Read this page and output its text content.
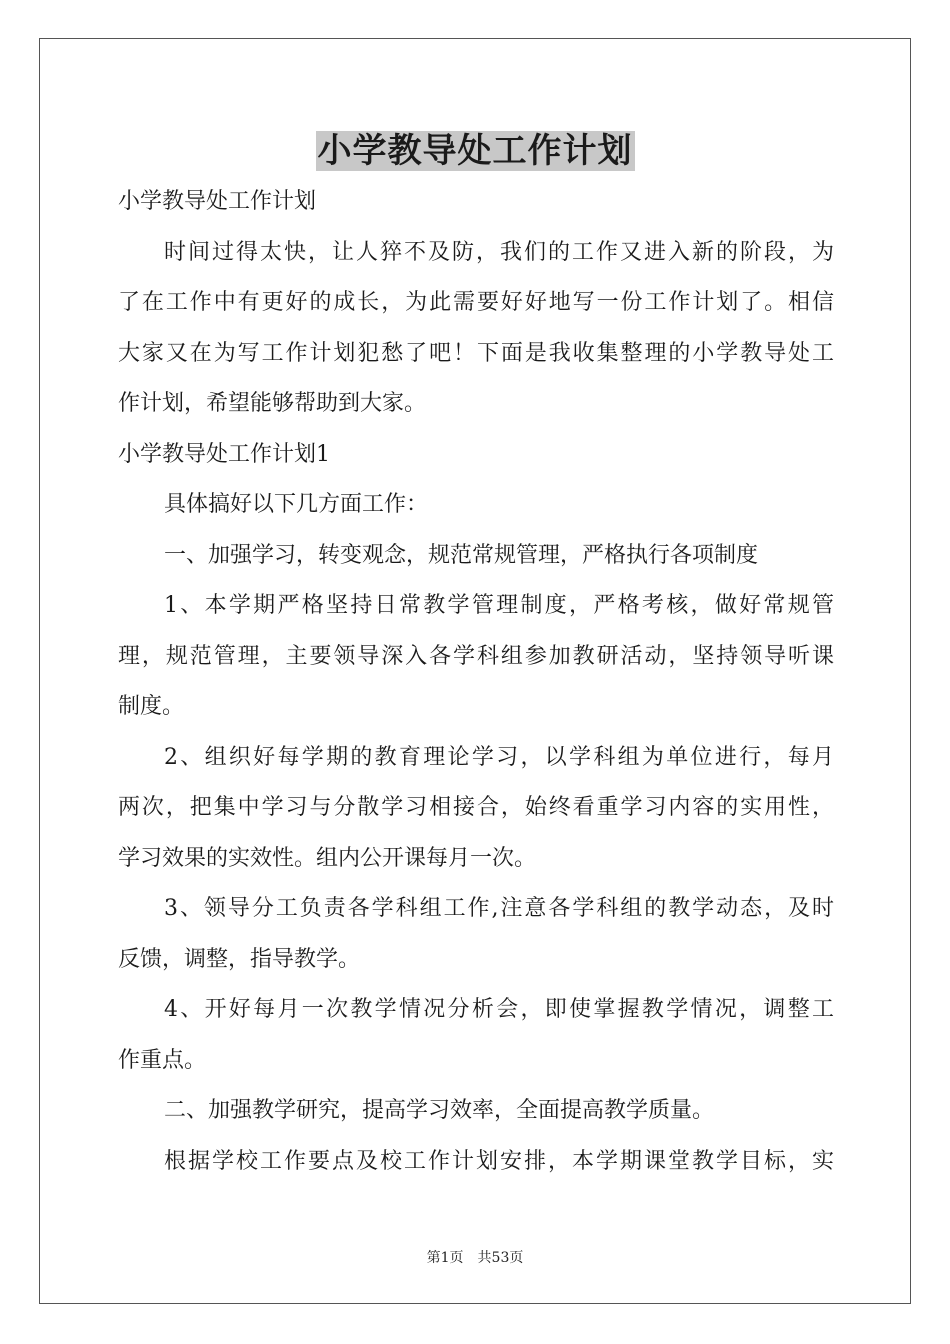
小学教导处工作计划
小学教导处工作计划
时间过得太快，让人猝不及防，我们的工作又进入新的阶段，为
了在工作中有更好的成长，为此需要好好地写一份工作计划了。相信
大家又在为写工作计划犯愁了吧！下面是我收集整理的小学教导处工
作计划，希望能够帮助到大家。
小学教导处工作计划1
具体搞好以下几方面工作：
一、加强学习，转变观念，规范常规管理，严格执行各项制度
1、本学期严格坚持日常教学管理制度，严格考核，做好常规管
理，规范管理，主要领导深入各学科组参加教研活动，坚持领导听课
制度。
2、组织好每学期的教育理论学习，以学科组为单位进行，每月
两次，把集中学习与分散学习相接合，始终看重学习内容的实用性，
学习效果的实效性。组内公开课每月一次。
3、领导分工负责各学科组工作,注意各学科组的教学动态，及时
反馈，调整，指导教学。
4、开好每月一次教学情况分析会，即使掌握教学情况，调整工
作重点。
二、加强教学研究，提高学习效率，全面提高教学质量。
根据学校工作要点及校工作计划安排，本学期课堂教学目标，实
第1页　共53页
